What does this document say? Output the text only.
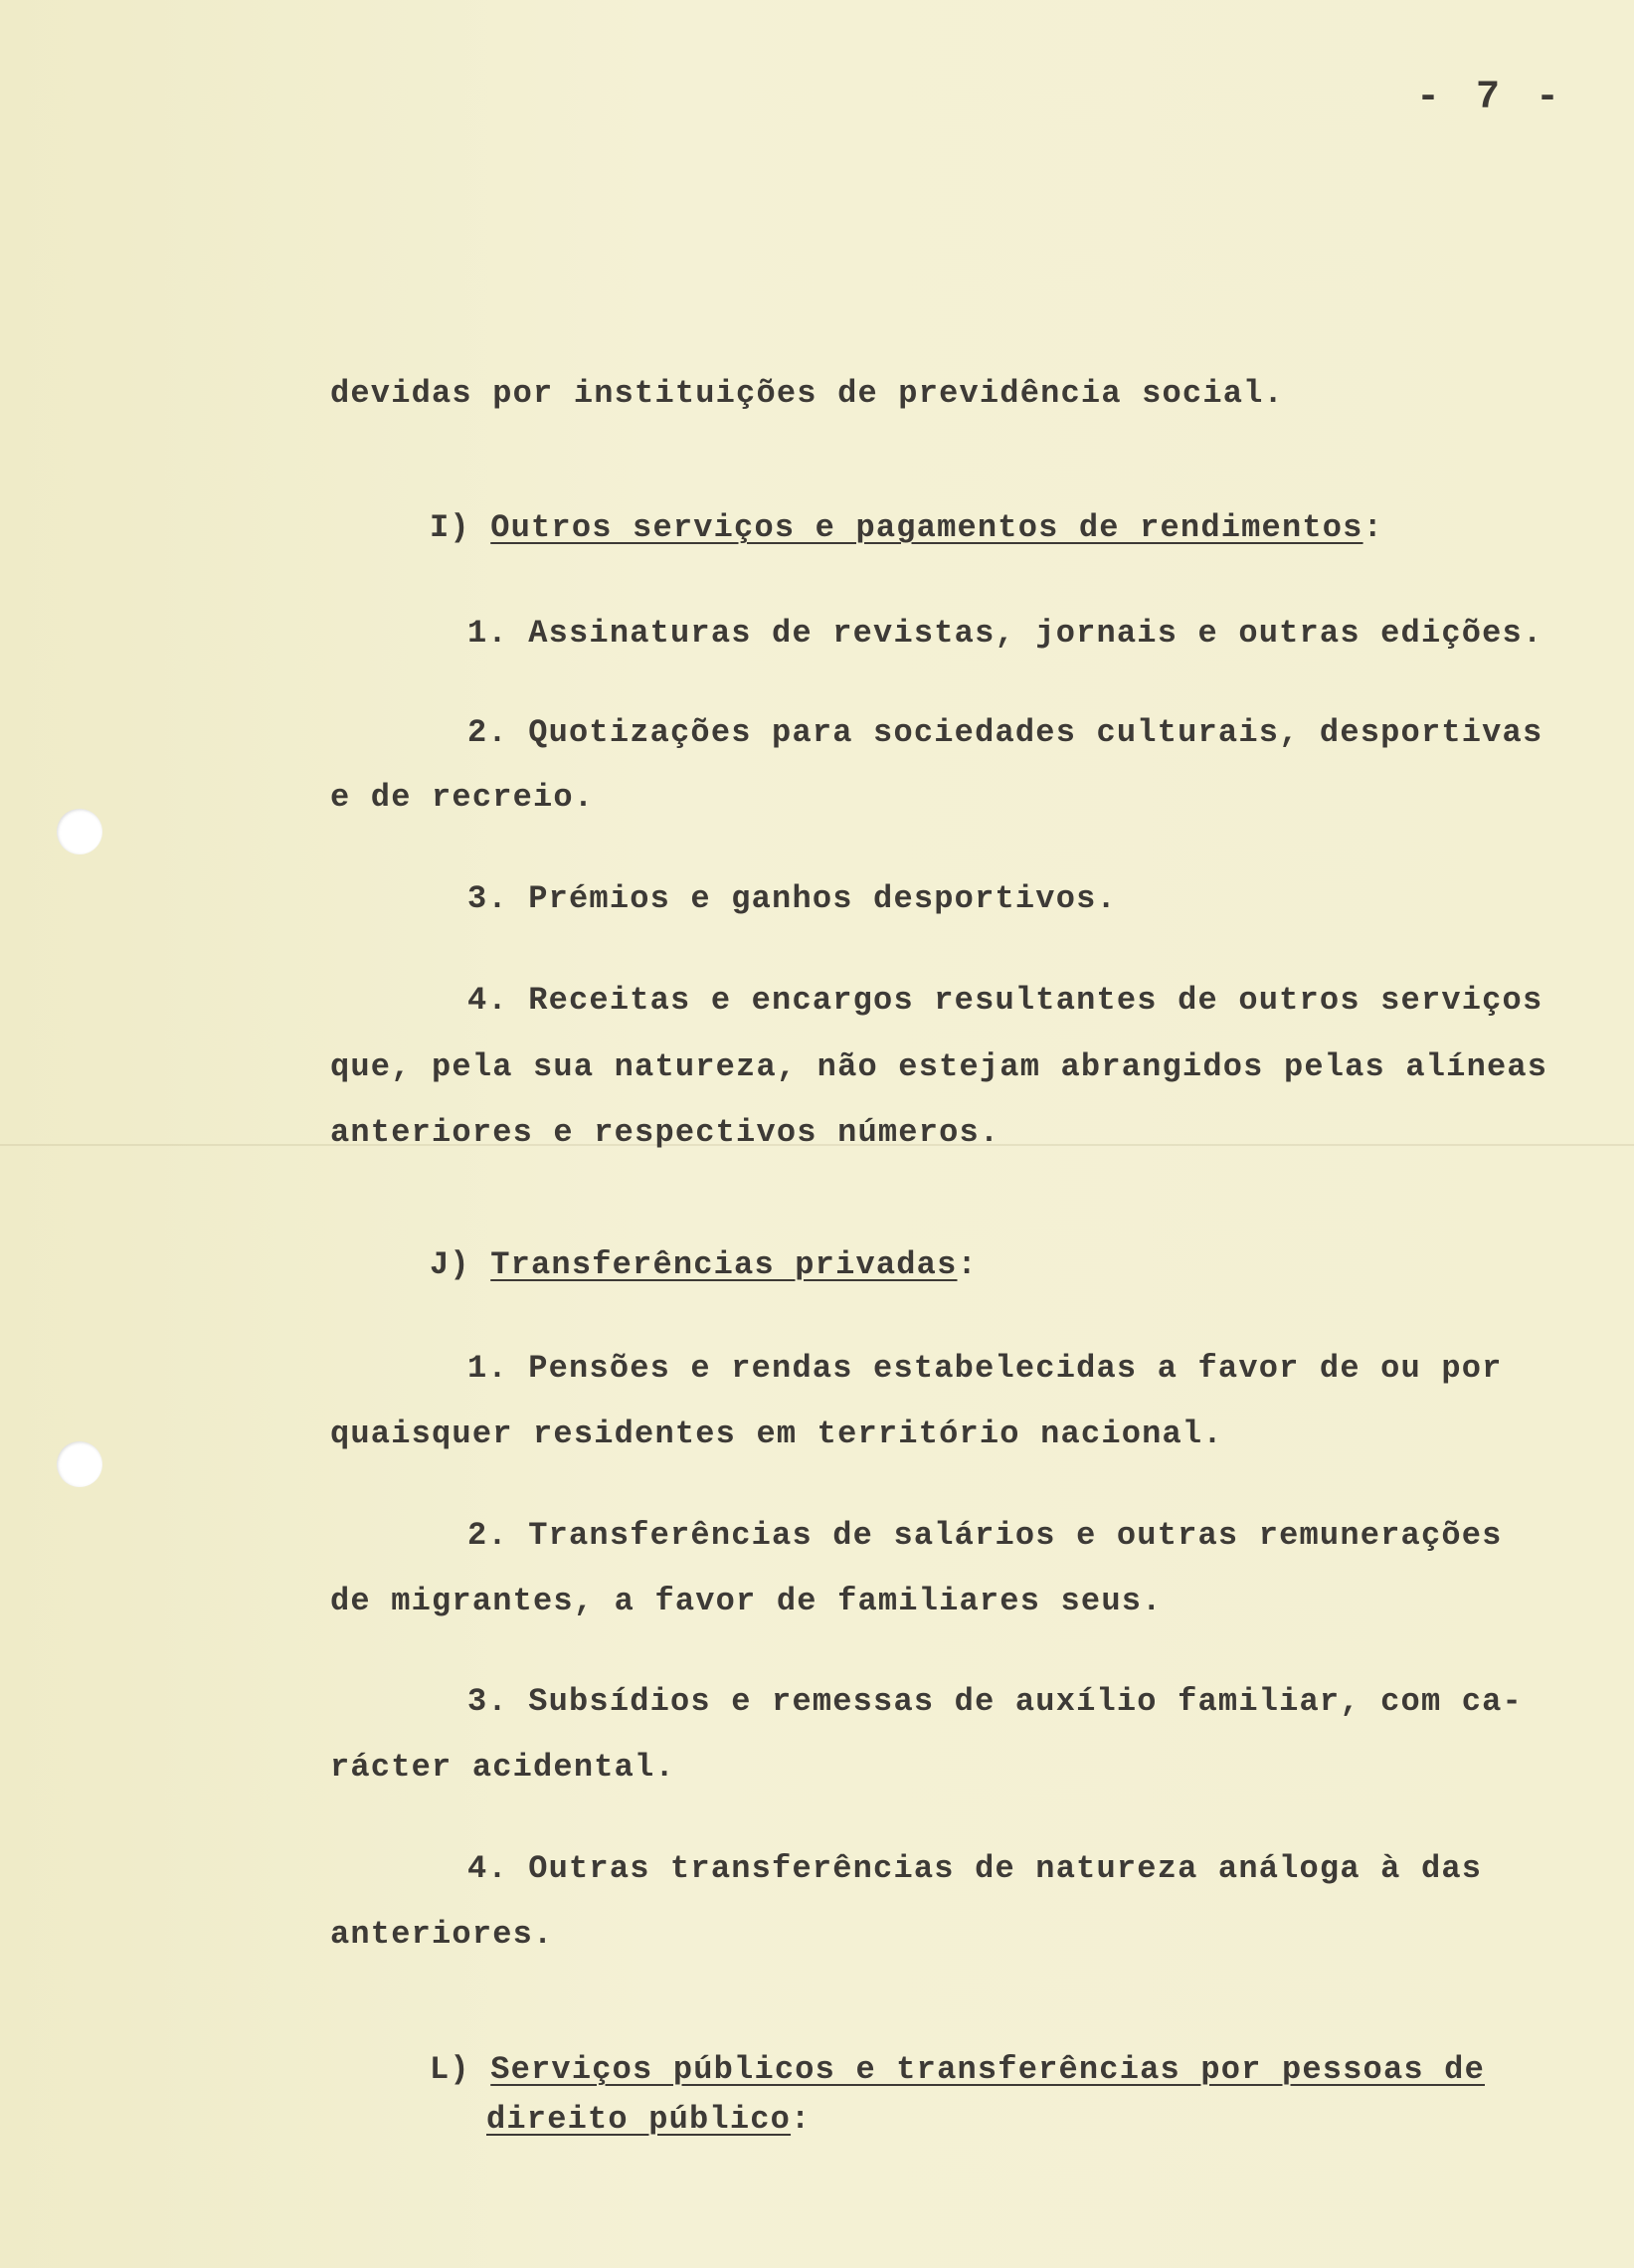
- 7 -

devidas por instituições de previdência social.

I) Outros serviços e pagamentos de rendimentos:

1. Assinaturas de revistas, jornais e outras edições.

2. Quotizações para sociedades culturais, desportivas

e de recreio.

3. Prémios e ganhos desportivos.

4. Receitas e encargos resultantes de outros serviços

que, pela sua natureza, não estejam abrangidos pelas alíneas

anteriores e respectivos números.

J) Transferências privadas:

1. Pensões e rendas estabelecidas a favor de ou por

quaisquer residentes em território nacional.

2. Transferências de salários e outras remunerações

de migrantes, a favor de familiares seus.

3. Subsídios e remessas de auxílio familiar, com ca-

rácter acidental.

4. Outras transferências de natureza análoga à das

anteriores.

L) Serviços públicos e transferências por pessoas de

direito público:
